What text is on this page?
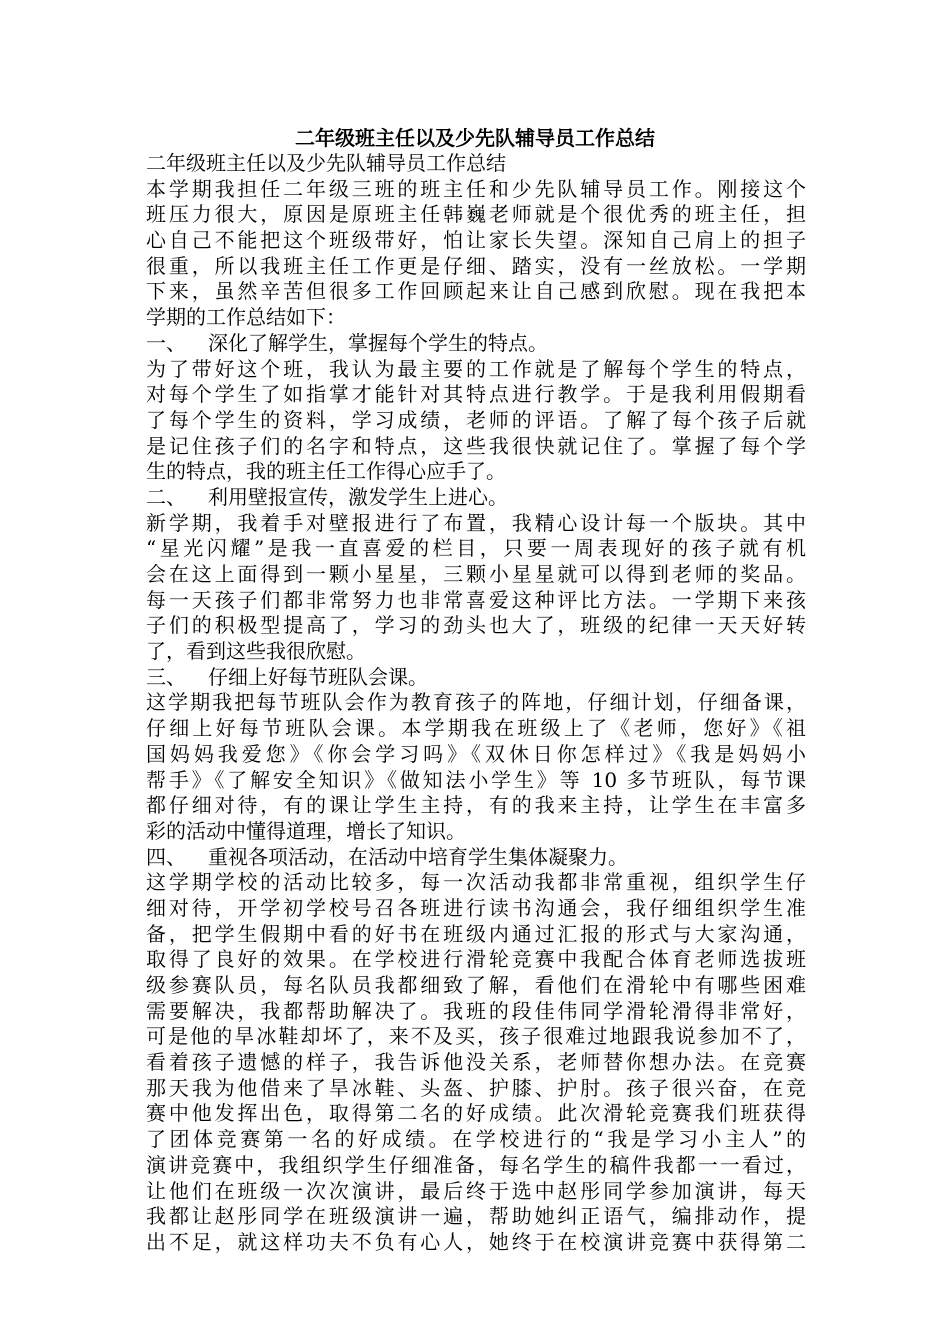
二年级班主任以及少先队辅导员工作总结
二年级班主任以及少先队辅导员工作总结
本学期我担任二年级三班的班主任和少先队辅导员工作。刚接这个
班压力很大，原因是原班主任韩巍老师就是个很优秀的班主任，担
心自己不能把这个班级带好，怕让家长失望。深知自己肩上的担子
很重，所以我班主任工作更是仔细、踏实，没有一丝放松。一学期
下来，虽然辛苦但很多工作回顾起来让自己感到欣慰。现在我把本
学期的工作总结如下：
一、 深化了解学生，掌握每个学生的特点。
为了带好这个班，我认为最主要的工作就是了解每个学生的特点，
对每个学生了如指掌才能针对其特点进行教学。于是我利用假期看
了每个学生的资料，学习成绩，老师的评语。了解了每个孩子后就
是记住孩子们的名字和特点，这些我很快就记住了。掌握了每个学
生的特点，我的班主任工作得心应手了。
二、 利用壁报宣传，激发学生上进心。
新学期，我着手对壁报进行了布置，我精心设计每一个版块。其中
“星光闪耀”是我一直喜爱的栏目，只要一周表现好的孩子就有机
会在这上面得到一颗小星星，三颗小星星就可以得到老师的奖品。
每一天孩子们都非常努力也非常喜爱这种评比方法。一学期下来孩
子们的积极型提高了，学习的劲头也大了，班级的纪律一天天好转
了，看到这些我很欣慰。
三、 仔细上好每节班队会课。
这学期我把每节班队会作为教育孩子的阵地，仔细计划，仔细备课，
仔细上好每节班队会课。本学期我在班级上了《老师，您好》《祖
国妈妈我爱您》《你会学习吗》《双休日你怎样过》《我是妈妈小
帮手》《了解安全知识》《做知法小学生》等 10 多节班队，每节课
都仔细对待，有的课让学生主持，有的我来主持，让学生在丰富多
彩的活动中懂得道理，增长了知识。
四、 重视各项活动，在活动中培育学生集体凝聚力。
这学期学校的活动比较多，每一次活动我都非常重视，组织学生仔
细对待，开学初学校号召各班进行读书沟通会，我仔细组织学生准
备，把学生假期中看的好书在班级内通过汇报的形式与大家沟通，
取得了良好的效果。在学校进行滑轮竞赛中我配合体育老师选拔班
级参赛队员，每名队员我都细致了解，看他们在滑轮中有哪些困难
需要解决，我都帮助解决了。我班的段佳伟同学滑轮滑得非常好，
可是他的旱冰鞋却坏了，来不及买，孩子很难过地跟我说参加不了，
看着孩子遗憾的样子，我告诉他没关系，老师替你想办法。在竞赛
那天我为他借来了旱冰鞋、头盔、护膝、护肘。孩子很兴奋，在竞
赛中他发挥出色，取得第二名的好成绩。此次滑轮竞赛我们班获得
了团体竞赛第一名的好成绩。在学校进行的“我是学习小主人”的
演讲竞赛中，我组织学生仔细准备，每名学生的稿件我都一一看过，
让他们在班级一次次演讲，最后终于选中赵彤同学参加演讲，每天
我都让赵彤同学在班级演讲一遍，帮助她纠正语气，编排动作，提
出不足，就这样功夫不负有心人，她终于在校演讲竞赛中获得第二
